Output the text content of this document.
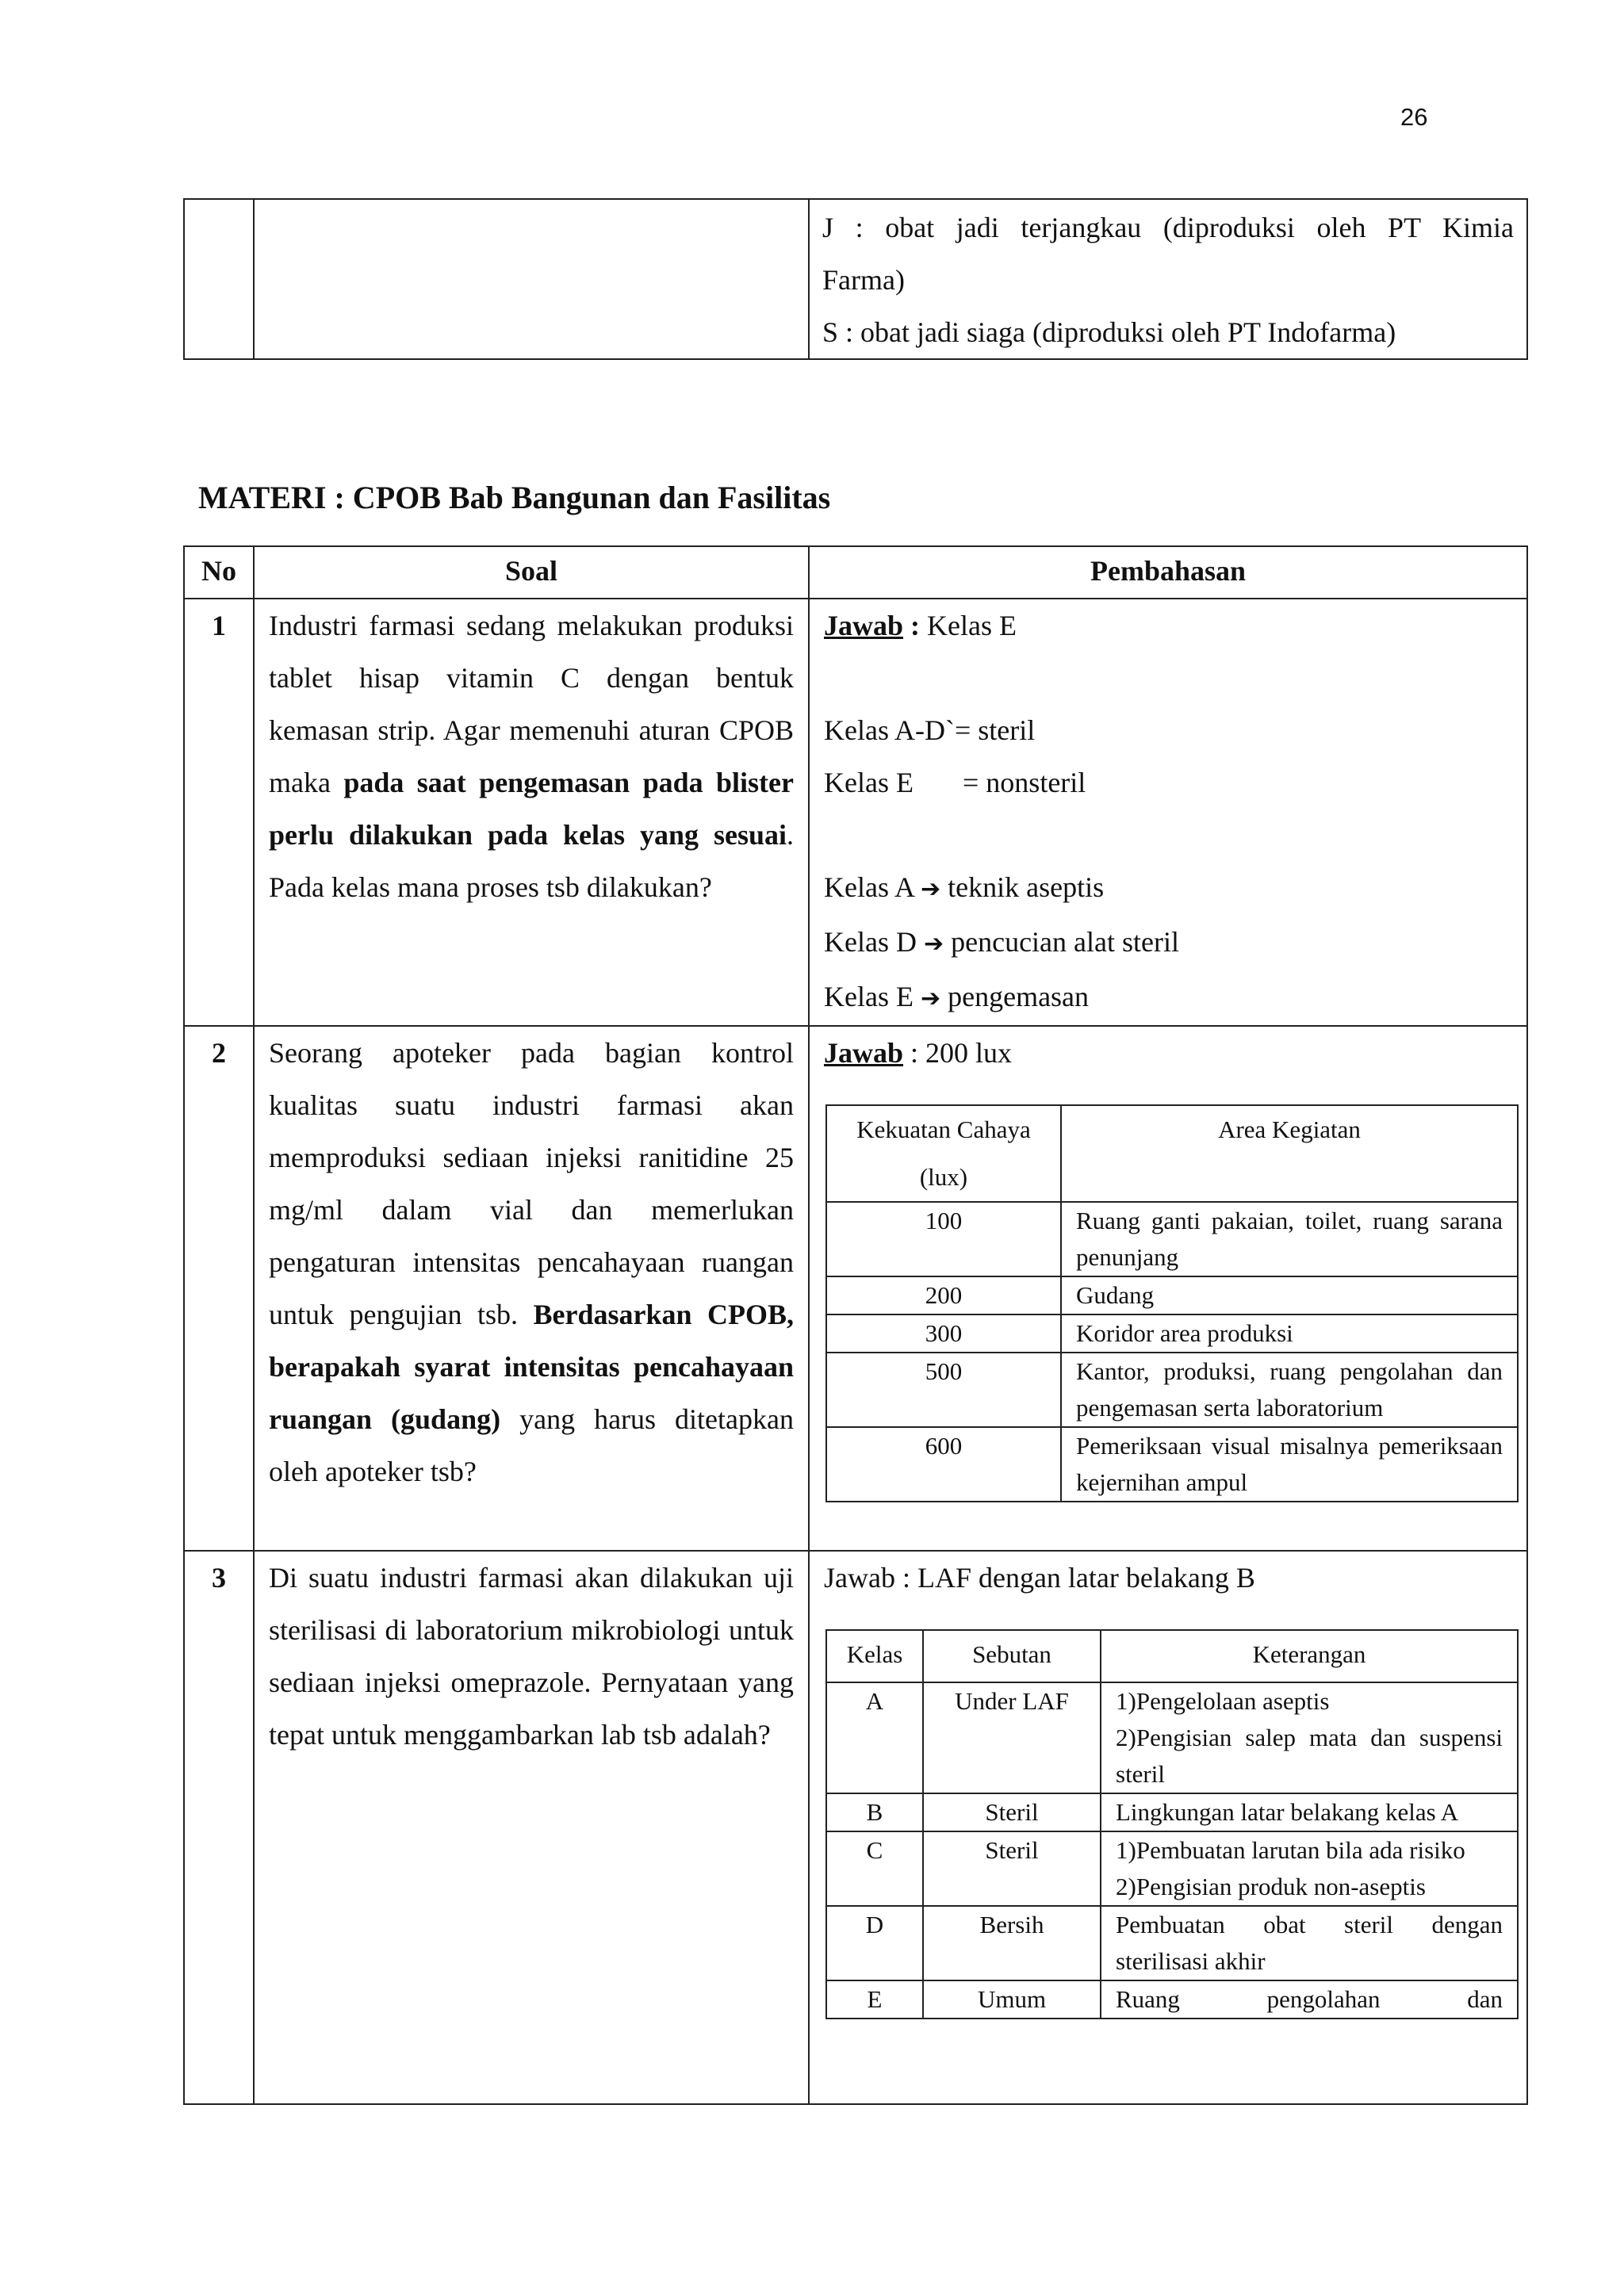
26

J : obat jadi terjangkau (diproduksi oleh PT Kimia
Farma)
S : obat jadi siaga (diproduksi oleh PT Indofarma)
MATERI : CPOB Bab Bangunan dan Fasilitas
No	Soal	Pembahasan
1	Industri farmasi sedang melakukan produksi tablet hisap vitamin C dengan bentuk kemasan strip. Agar memenuhi aturan CPOB maka pada saat pengemasan pada blister perlu dilakukan pada kelas yang sesuai. Pada kelas mana proses tsb dilakukan?	
Jawab : Kelas E
Kelas A-D`= steril
Kelas E = nonsteril
Kelas A ➔ teknik aseptis
Kelas D ➔ pencucian alat steril
Kelas E ➔ pengemasan

2	Seorang apoteker pada bagian kontrol kualitas suatu industri farmasi akan memproduksi sediaan injeksi ranitidine 25 mg/ml dalam vial dan memerlukan pengaturan intensitas pencahayaan ruangan untuk pengujian tsb. Berdasarkan CPOB, berapakah syarat intensitas pencahayaan ruangan (gudang) yang harus ditetapkan oleh apoteker tsb?	
Jawab : 200 lux
Kekuatan Cahaya (lux)	Area Kegiatan
100	Ruang ganti pakaian, toilet, ruang sarana penunjang
200	Gudang
300	Koridor area produksi
500	Kantor, produksi, ruang pengolahan dan pengemasan serta laboratorium
600	Pemeriksaan visual misalnya pemeriksaan kejernihan ampul

3	Di suatu industri farmasi akan dilakukan uji sterilisasi di laboratorium mikrobiologi untuk sediaan injeksi omeprazole. Pernyataan yang tepat untuk menggambarkan lab tsb adalah?	
Jawab : LAF dengan latar belakang B
Kelas	Sebutan	Keterangan
A	Under LAF	1)Pengelolaan aseptis
2)Pengisian salep mata dan suspensi steril

B	Steril	Lingkungan latar belakang kelas A
C	Steril	1)Pembuatan larutan bila ada risiko
2)Pengisian produk non-aseptis

D	Bersih	Pembuatan obat steril dengan sterilisasi akhir
E	Umum	Ruang pengolahan dan
